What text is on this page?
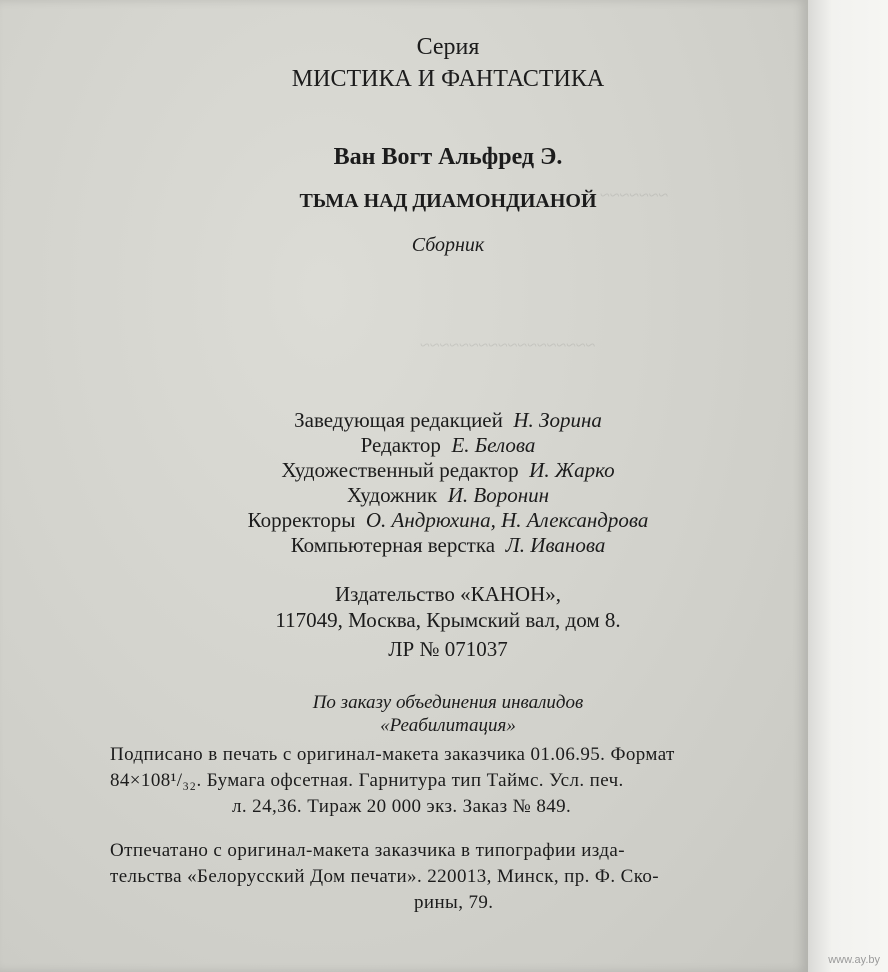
~~~~~~~
~~~~~~~~~~~~~~~~~~
Серия
МИСТИКА И ФАНТАСТИКА
Ван Вогт Альфред Э.
ТЬМА НАД ДИАМОНДИАНОЙ
Сборник
Заведующая редакцией Н. Зорина
Редактор Е. Белова
Художественный редактор И. Жарко
Художник И. Воронин
Корректоры О. Андрюхина, Н. Александрова
Компьютерная верстка Л. Иванова
Издательство «КАНОН»,
117049, Москва, Крымский вал, дом 8.
ЛР № 071037
По заказу объединения инвалидов
«Реабилитация»
Подписано в печать с оригинал-макета заказчика 01.06.95. Формат
84×108¹/₃₂. Бумага офсетная. Гарнитура тип Таймс. Усл. печ.
л. 24,36. Тираж 20 000 экз. Заказ № 849.
Отпечатано с оригинал-макета заказчика в типографии изда-
тельства «Белорусский Дом печати». 220013, Минск, пр. Ф. Ско-
рины, 79.
www.ay.by
